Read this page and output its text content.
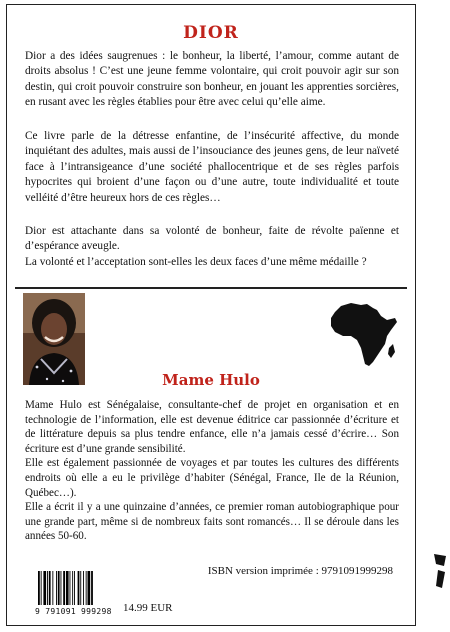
DIOR

Dior a des idées saugrenues : le bonheur, la liberté, l’amour, comme autant de droits absolus ! C’est une jeune femme volontaire, qui croit pouvoir agir sur son destin, qui croit pouvoir construire son bonheur, en jouant les apprenties sorcières, en rusant avec les règles établies pour être avec celui qu’elle aime.

Ce livre parle de la détresse enfantine, de l’insécurité affective, du monde inquiétant des adultes, mais aussi de l’insouciance des jeunes gens, de leur naïveté face à l’intransigeance d’une société phallocentrique et de ses règles parfois hypocrites qui broient d’une façon ou d’une autre, toute individualité et toute velléité d’être heureux hors de ces règles…

Dior est attachante dans sa volonté de bonheur, faite de révolte païenne et d’espérance aveugle.
La volonté et l’acceptation sont-elles les deux faces d’une même médaille ?
Mame Hulo

Mame Hulo est Sénégalaise, consultante-chef de projet en organisation et en technologie de l’information, elle est devenue éditrice car passionnée d’écriture et de littérature depuis sa plus tendre enfance, elle n’a jamais cessé d’écrire… Son écriture est d’une grande sensibilité.

Elle est également passionnée de voyages et par toutes les cultures des différents endroits où elle a eu le privilège d’habiter (Sénégal, France, Ile de la Réunion, Québec…).

Elle a écrit il y a une quinzaine d’années, ce premier roman autobiographique pour une grande part, même si de nombreux faits sont romancés… Il se déroule dans les années 50-60.

ISBN version imprimée : 9791091999298
9 791091 999298 14.99 EUR
